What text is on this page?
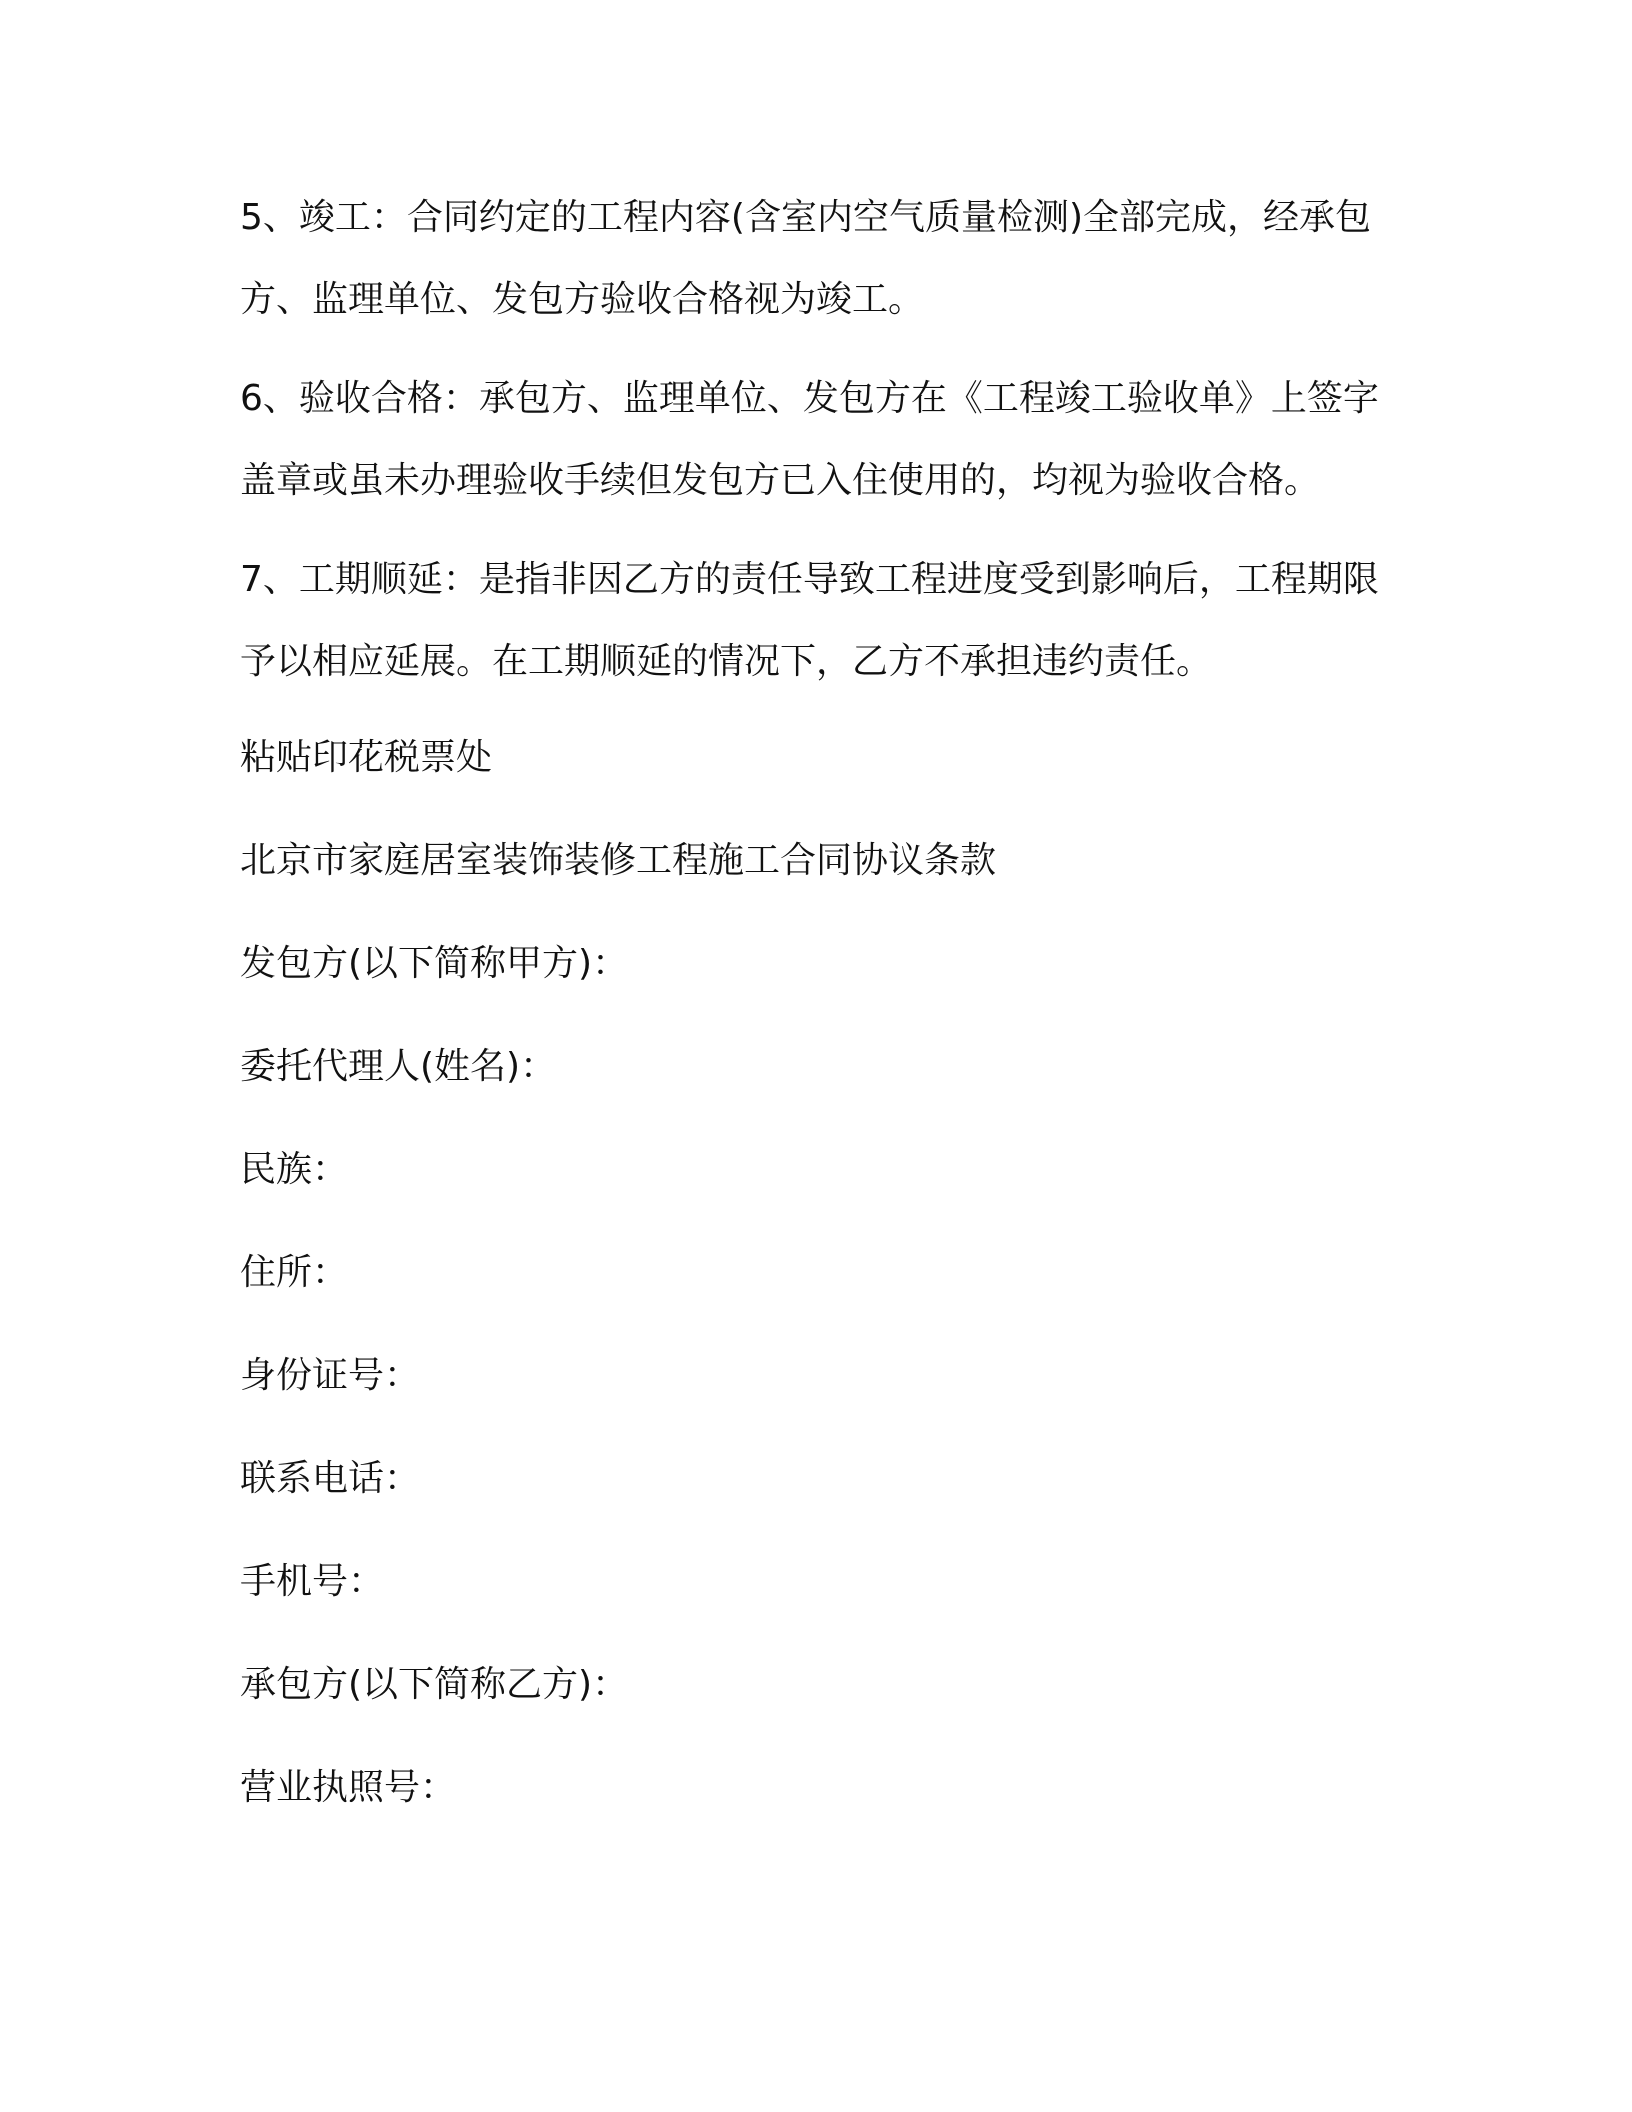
5、竣工：合同约定的工程内容(含室内空气质量检测)全部完成，经承包方、监理单位、发包方验收合格视为竣工。

6、验收合格：承包方、监理单位、发包方在《工程竣工验收单》上签字盖章或虽未办理验收手续但发包方已入住使用的，均视为验收合格。

7、工期顺延：是指非因乙方的责任导致工程进度受到影响后，工程期限予以相应延展。在工期顺延的情况下，乙方不承担违约责任。

粘贴印花税票处

北京市家庭居室装饰装修工程施工合同协议条款

发包方(以下简称甲方)：

委托代理人(姓名)：

民族：

住所：

身份证号：

联系电话：

手机号：

承包方(以下简称乙方)：

营业执照号：
